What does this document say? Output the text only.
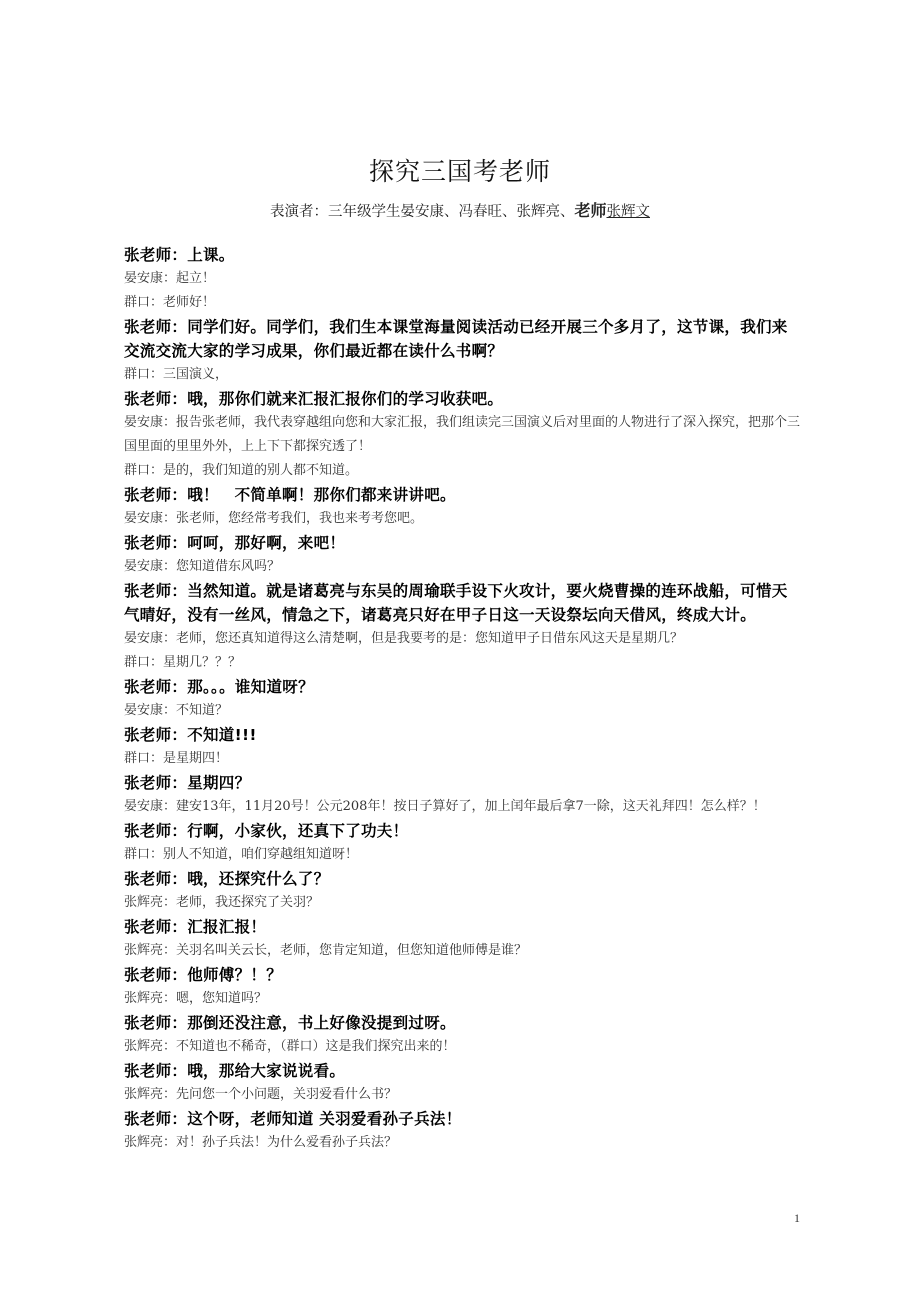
探究三国考老师
表演者：三年级学生晏安康、冯春旺、张辉亮、老师张辉文

张老师：上课。

晏安康：起立！

群口：老师好！

张老师：同学们好。同学们，我们生本课堂海量阅读活动已经开展三个多月了，这节课，我们来交流交流大家的学习成果，你们最近都在读什么书啊？

群口：三国演义，

张老师：哦，那你们就来汇报汇报你们的学习收获吧。

晏安康：报告张老师，我代表穿越组向您和大家汇报，我们组读完三国演义后对里面的人物进行了深入探究，把那个三国里面的里里外外，上上下下都探究透了！

群口：是的，我们知道的别人都不知道。

张老师：哦！　不简单啊！那你们都来讲讲吧。

晏安康：张老师，您经常考我们，我也来考考您吧。

张老师：呵呵，那好啊，来吧！

晏安康：您知道借东风吗？

张老师：当然知道。就是诸葛亮与东吴的周瑜联手设下火攻计，要火烧曹操的连环战船，可惜天气晴好，没有一丝风，情急之下，诸葛亮只好在甲子日这一天设祭坛向天借风，终成大计。

晏安康：老师，您还真知道得这么清楚啊，但是我要考的是：您知道甲子日借东风这天是星期几？

群口：星期几？？？

张老师：那。。。谁知道呀？

晏安康：不知道？

张老师：不知道!!!

群口：是星期四！

张老师：星期四？

晏安康：建安13年，11月20号！公元208年！按日子算好了，加上闰年最后拿7一除，这天礼拜四！怎么样？！

张老师：行啊，小家伙，还真下了功夫！

群口：别人不知道，咱们穿越组知道呀！

张老师：哦，还探究什么了？

张辉亮：老师，我还探究了关羽？

张老师：汇报汇报！

张辉亮：关羽名叫关云长，老师，您肯定知道，但您知道他师傅是谁？

张老师：他师傅？！？

张辉亮：嗯，您知道吗？

张老师：那倒还没注意，书上好像没提到过呀。

张辉亮：不知道也不稀奇，（群口）这是我们探究出来的！

张老师：哦，那给大家说说看。

张辉亮：先问您一个小问题，关羽爱看什么书？

张老师：这个呀，老师知道 关羽爱看孙子兵法！

张辉亮：对！孙子兵法！为什么爱看孙子兵法？

1
